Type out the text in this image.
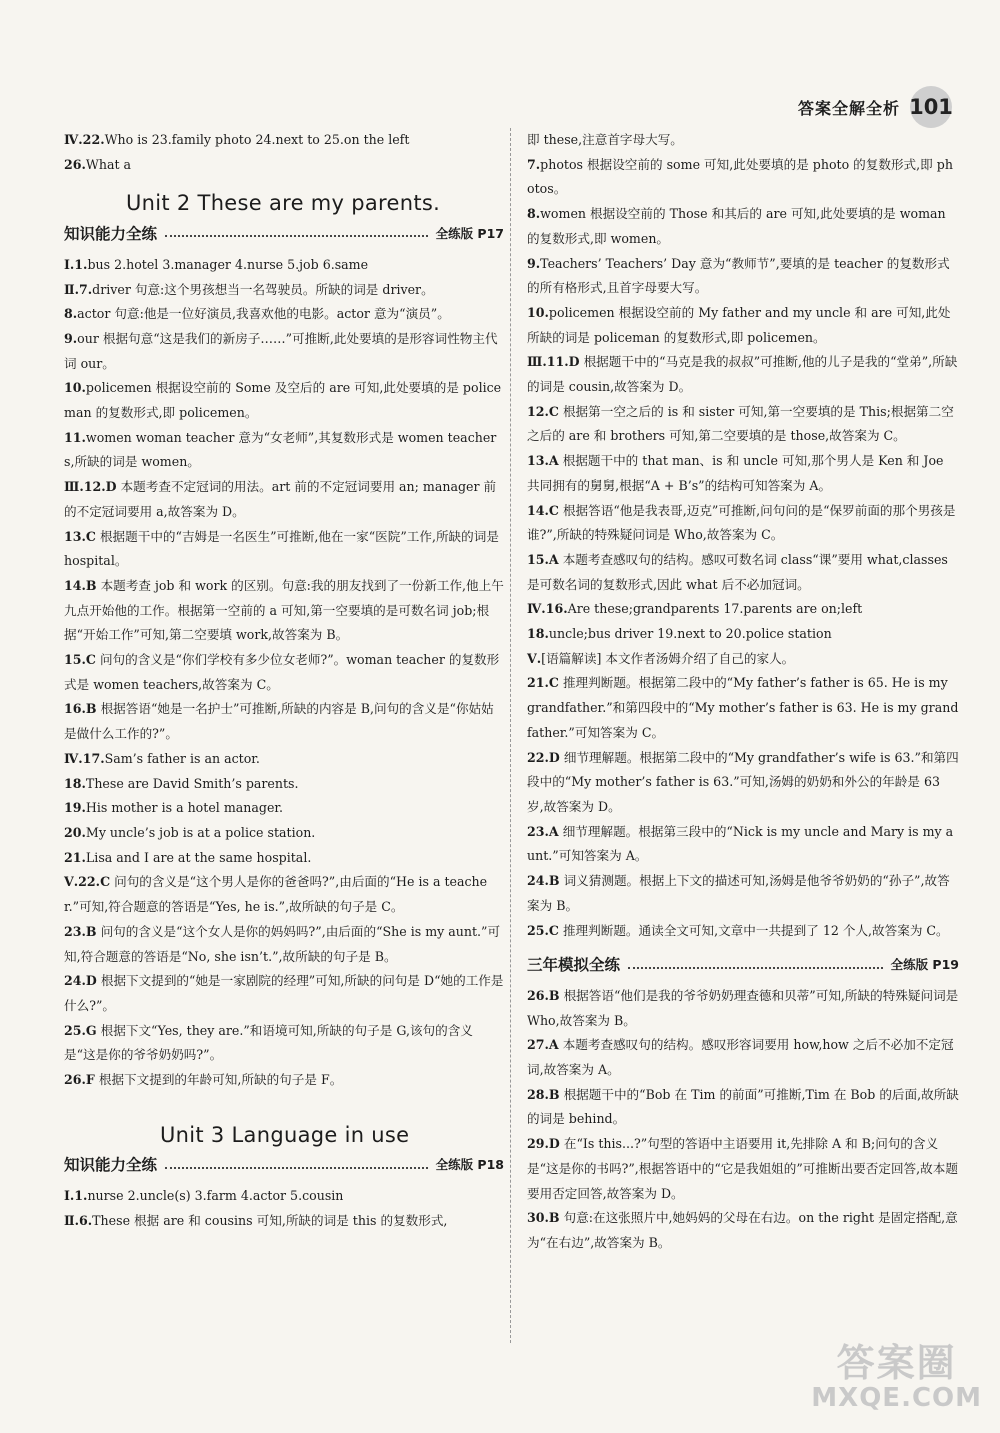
答案全解全析 101

Ⅳ.22.Who is 23.family photo 24.next to 25.on the left

26.What a

Unit 2 These are my parents.
知识能力全练	全练版 P17

Ⅰ.1.bus 2.hotel 3.manager 4.nurse 5.job 6.same

Ⅱ.7.driver 句意:这个男孩想当一名驾驶员。所缺的词是 driver。

8.actor 句意:他是一位好演员,我喜欢他的电影。actor 意为“演员”。

9.our 根据句意“这是我们的新房子……”可推断,此处要填的是形容词性物主代词 our。

10.policemen 根据设空前的 Some 及空后的 are 可知,此处要填的是 policeman 的复数形式,即 policemen。

11.women woman teacher 意为“女老师”,其复数形式是 women teachers,所缺的词是 women。

Ⅲ.12.D 本题考查不定冠词的用法。art 前的不定冠词要用 an; manager 前的不定冠词要用 a,故答案为 D。

13.C 根据题干中的“吉姆是一名医生”可推断,他在一家“医院”工作,所缺的词是 hospital。

14.B 本题考查 job 和 work 的区别。句意:我的朋友找到了一份新工作,他上午九点开始他的工作。根据第一空前的 a 可知,第一空要填的是可数名词 job;根据“开始工作”可知,第二空要填 work,故答案为 B。

15.C 问句的含义是“你们学校有多少位女老师?”。woman teacher 的复数形式是 women teachers,故答案为 C。

16.B 根据答语“她是一名护士”可推断,所缺的内容是 B,问句的含义是“你姑姑是做什么工作的?”。

Ⅳ.17.Sam’s father is an actor.

18.These are David Smith’s parents.

19.His mother is a hotel manager.

20.My uncle’s job is at a police station.

21.Lisa and I are at the same hospital.

Ⅴ.22.C 问句的含义是“这个男人是你的爸爸吗?”,由后面的“He is a teacher.”可知,符合题意的答语是“Yes, he is.”,故所缺的句子是 C。

23.B 问句的含义是“这个女人是你的妈妈吗?”,由后面的“She is my aunt.”可知,符合题意的答语是“No, she isn’t.”,故所缺的句子是 B。

24.D 根据下文提到的“她是一家剧院的经理”可知,所缺的问句是 D“她的工作是什么?”。

25.G 根据下文“Yes, they are.”和语境可知,所缺的句子是 G,该句的含义是“这是你的爷爷奶奶吗?”。

26.F 根据下文提到的年龄可知,所缺的句子是 F。

Unit 3 Language in use
知识能力全练	全练版 P18

Ⅰ.1.nurse 2.uncle(s) 3.farm 4.actor 5.cousin

Ⅱ.6.These 根据 are 和 cousins 可知,所缺的词是 this 的复数形式,

即 these,注意首字母大写。

7.photos 根据设空前的 some 可知,此处要填的是 photo 的复数形式,即 photos。

8.women 根据设空前的 Those 和其后的 are 可知,此处要填的是 woman 的复数形式,即 women。

9.Teachers’ Teachers’ Day 意为“教师节”,要填的是 teacher 的复数形式的所有格形式,且首字母要大写。

10.policemen 根据设空前的 My father and my uncle 和 are 可知,此处所缺的词是 policeman 的复数形式,即 policemen。

Ⅲ.11.D 根据题干中的“马克是我的叔叔”可推断,他的儿子是我的“堂弟”,所缺的词是 cousin,故答案为 D。

12.C 根据第一空之后的 is 和 sister 可知,第一空要填的是 This;根据第二空之后的 are 和 brothers 可知,第二空要填的是 those,故答案为 C。

13.A 根据题干中的 that man、is 和 uncle 可知,那个男人是 Ken 和 Joe 共同拥有的舅舅,根据“A + B’s”的结构可知答案为 A。

14.C 根据答语“他是我表哥,迈克”可推断,问句问的是“保罗前面的那个男孩是谁?”,所缺的特殊疑问词是 Who,故答案为 C。

15.A 本题考查感叹句的结构。感叹可数名词 class“课”要用 what,classes 是可数名词的复数形式,因此 what 后不必加冠词。

Ⅳ.16.Are these;grandparents 17.parents are on;left

18.uncle;bus driver 19.next to 20.police station

Ⅴ.[语篇解读] 本文作者汤姆介绍了自己的家人。

21.C 推理判断题。根据第二段中的“My father’s father is 65. He is my grandfather.”和第四段中的“My mother’s father is 63. He is my grandfather.”可知答案为 C。

22.D 细节理解题。根据第二段中的“My grandfather’s wife is 63.”和第四段中的“My mother’s father is 63.”可知,汤姆的奶奶和外公的年龄是 63 岁,故答案为 D。

23.A 细节理解题。根据第三段中的“Nick is my uncle and Mary is my aunt.”可知答案为 A。

24.B 词义猜测题。根据上下文的描述可知,汤姆是他爷爷奶奶的“孙子”,故答案为 B。

25.C 推理判断题。通读全文可知,文章中一共提到了 12 个人,故答案为 C。

三年模拟全练	全练版 P19

26.B 根据答语“他们是我的爷爷奶奶理查德和贝蒂”可知,所缺的特殊疑问词是 Who,故答案为 B。

27.A 本题考查感叹句的结构。感叹形容词要用 how,how 之后不必加不定冠词,故答案为 A。

28.B 根据题干中的“Bob 在 Tim 的前面”可推断,Tim 在 Bob 的后面,故所缺的词是 behind。

29.D 在“Is this...?”句型的答语中主语要用 it,先排除 A 和 B;问句的含义是“这是你的书吗?”,根据答语中的“它是我姐姐的”可推断出要否定回答,故本题要用否定回答,故答案为 D。

30.B 句意:在这张照片中,她妈妈的父母在右边。on the right 是固定搭配,意为“在右边”,故答案为 B。

答案圈
MXQE.COM
